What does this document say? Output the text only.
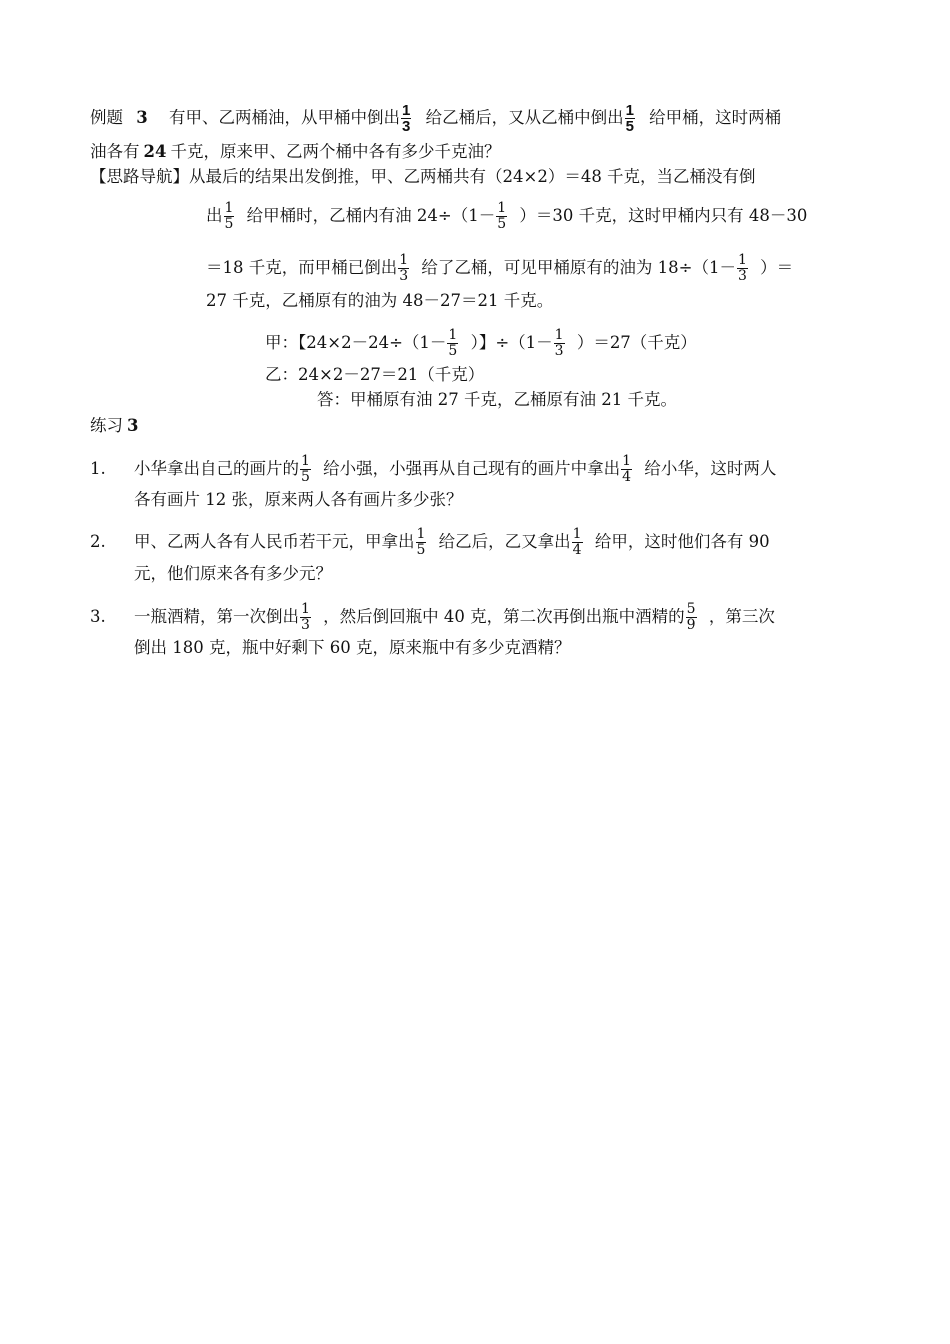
例题 3 有甲、乙两桶油，从甲桶中倒出 $\frac{1}{3}$ 给乙桶后，又从乙桶中倒出 $\frac{1}{5}$ 给甲桶，这时两桶
油各有 24 千克，原来甲、乙两个桶中各有多少千克油？
【思路导航】从最后的结果出发倒推，甲、乙两桶共有（24×2）＝48 千克，当乙桶没有倒
出 $\frac{1}{5}$ 给甲桶时，乙桶内有油 $24\div(1- \frac{1}{5} )=30$ 千克，这时甲桶内只有 48－30
＝18 千克，而甲桶已倒出 $\frac{1}{3}$ 给了乙桶，可见甲桶原有的油为 $18\div(1- \frac{1}{3}$ ）＝
27 千克，乙桶原有的油为 48－27＝21 千克。
甲：【$24\times 2-24\div(1- \frac{1}{5}$ ）】$\div(1- \frac{1}{3} )=27$（千克）
乙：24×2－27＝21（千克）
答：甲桶原有油 27 千克，乙桶原有油 21 千克。
练习 3
1. 小华拿出自己的画片的 $\frac{1}{5}$ 给小强，小强再从自己现有的画片中拿出 $\frac{1}{4}$ 给小华，这时两人
各有画片 12 张，原来两人各有画片多少张？
2. 甲、乙两人各有人民币若干元，甲拿出 $\frac{1}{5}$ 给乙后，乙又拿出 $\frac{1}{4}$ 给甲，这时他们各有 90
元，他们原来各有多少元？
3. 一瓶酒精，第一次倒出 $\frac{1}{3}$ ，然后倒回瓶中 40 克，第二次再倒出瓶中酒精的 $\frac{5}{9}$ ，第三次
倒出 180 克，瓶中好剩下 60 克，原来瓶中有多少克酒精？
